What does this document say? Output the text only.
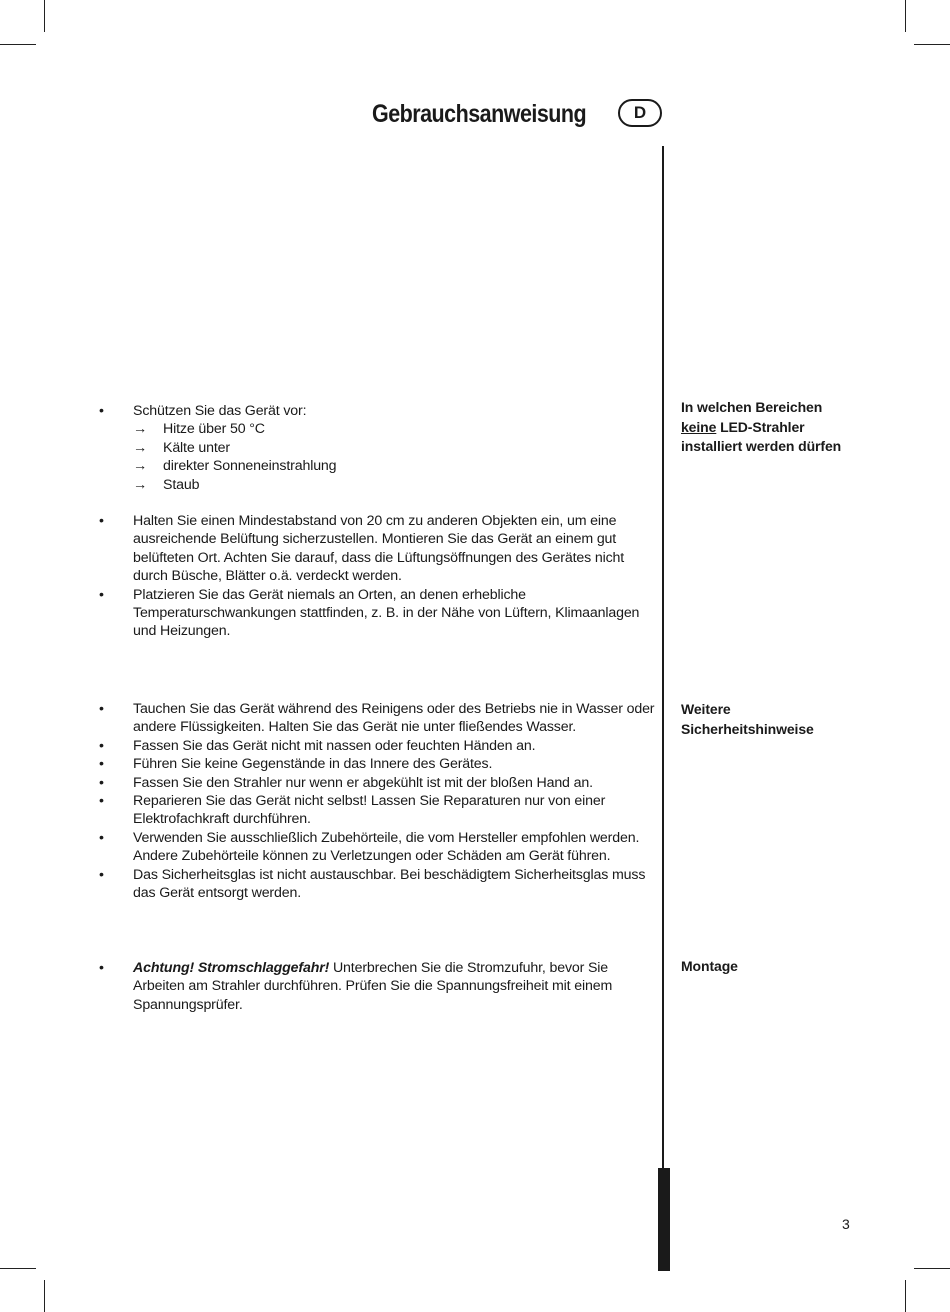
Gebrauchsanweisung	D
• Schützen Sie das Gerät vor:
→ Hitze über 50 °C
→ Kälte unter
→ direkter Sonneneinstrahlung
→ Staub
• Halten Sie einen Mindestabstand von 20 cm zu anderen Objekten ein, um eine ausreichende Belüftung sicherzustellen. Montieren Sie das Gerät an einem gut belüfteten Ort. Achten Sie darauf, dass die Lüftungsöffnungen des Gerätes nicht durch Büsche, Blätter o.ä. verdeckt werden.
• Platzieren Sie das Gerät niemals an Orten, an denen erhebliche Temperaturschwankungen stattfinden, z. B. in der Nähe von Lüftern, Klimaanlagen und Heizungen.
In welchen Bereichen
keine LED-Strahler
installiert werden dürfen
• Tauchen Sie das Gerät während des Reinigens oder des Betriebs nie in Wasser oder andere Flüssigkeiten. Halten Sie das Gerät nie unter fließendes Wasser.
• Fassen Sie das Gerät nicht mit nassen oder feuchten Händen an.
• Führen Sie keine Gegenstände in das Innere des Gerätes.
• Fassen Sie den Strahler nur wenn er abgekühlt ist mit der bloßen Hand an.
• Reparieren Sie das Gerät nicht selbst! Lassen Sie Reparaturen nur von einer Elektrofachkraft durchführen.
• Verwenden Sie ausschließlich Zubehörteile, die vom Hersteller empfohlen werden. Andere Zubehörteile können zu Verletzungen oder Schäden am Gerät führen.
• Das Sicherheitsglas ist nicht austauschbar. Bei beschädigtem Sicherheitsglas muss das Gerät entsorgt werden.
Weitere
Sicherheitshinweise
• Achtung! Stromschlaggefahr! Unterbrechen Sie die Stromzufuhr, bevor Sie Arbeiten am Strahler durchführen. Prüfen Sie die Spannungsfreiheit mit einem Spannungsprüfer.
Montage
3
